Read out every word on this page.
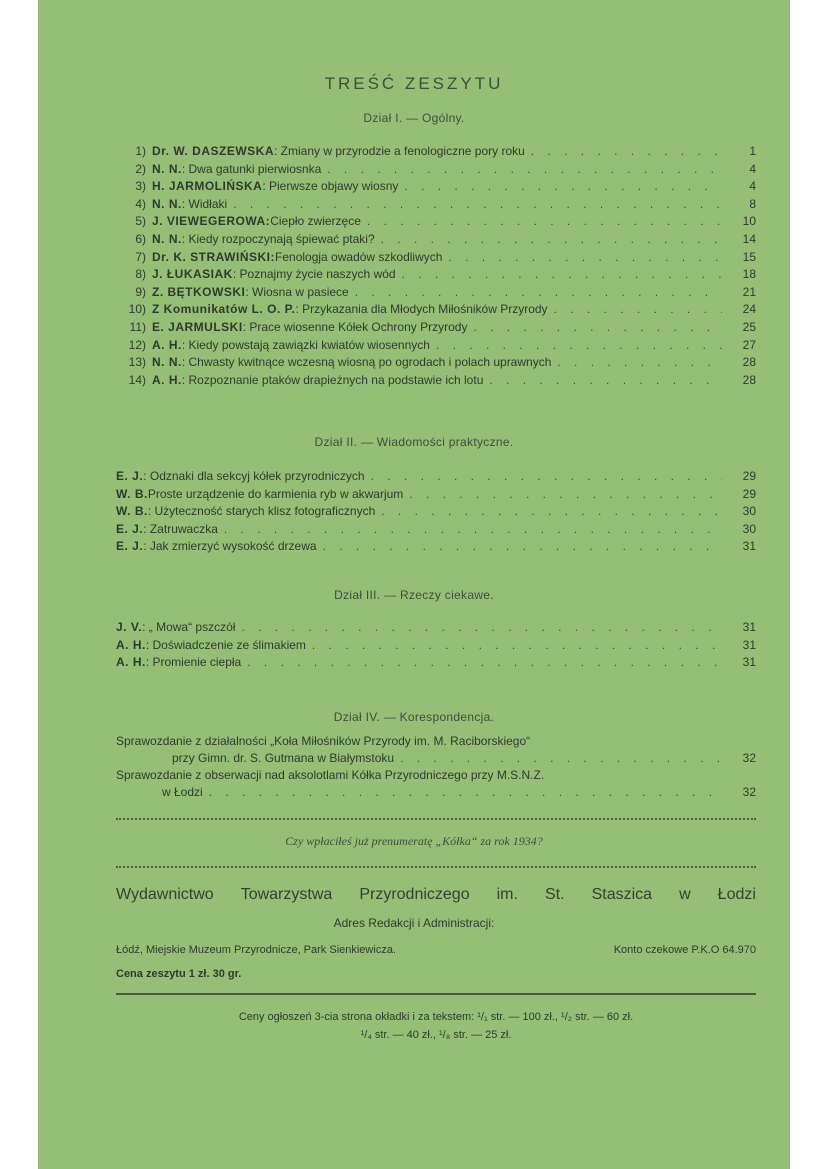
TREŚĆ ZESZYTU
Dział I. — Ogólny.
1) Dr. W. DASZEWSKA : Zmiany w przyrodzie a fenologiczne pory roku . . .	1
2) N. N. : Dwa gatunki pierwiosnka . . .	4
3) H. JARMOLIŃSKA : Pierwsze objawy wiosny . . .	4
4) N. N. : Widłaki . . .	8
5) J. VIEWEGEROWA: Ciepło zwierzęce . . .	10
6) N. N. : Kiedy rozpoczynają śpiewać ptaki? . . .	14
7) Dr. K. STRAWIŃSKI: Fenologja owadów szkodliwych . . .	15
8) J. ŁUKASIAK : Poznajmy życie naszych wód . . .	18
9) Z. BĘTKOWSKI : Wiosna w pasiece . . .	21
10) Z Komunikatów L. O. P. : Przykazania dla Młodych Miłośników Przyrody . . .	24
11) E. JARMULSKI : Prace wiosenne Kółek Ochrony Przyrody . . .	25
12) A. H. : Kiedy powstają zawiązki kwiatów wiosennych . . .	27
13) N. N. : Chwasty kwitnące wczesną wiosną po ogrodach i polach uprawnych . . .	28
14) A. H. : Rozpoznanie ptaków drapieżnych na podstawie ich lotu . . .	28
Dział II. — Wiadomości praktyczne.
E. J. : Odznaki dla sekcyj kółek przyrodniczych . . .	29
W. B. Proste urządzenie do karmienia ryb w akwarjum . . .	29
W. B. : Użyteczność starych klisz fotograficznych . . .	30
E. J. : Zatruwaczka . . .	30
E. J. : Jak zmierzyć wysokość drzewa . . .	31
Dział III. — Rzeczy ciekawe.
J. V. : „ Mowa“ pszczół . . .	31
A. H. : Doświadczenie ze ślimakiem . . .	31
A. H. : Promienie ciepła . . .	31
Dział IV. — Korespondencja.
Sprawozdanie z działalności „Koła Miłośników Przyrody im. M. Raciborskiego“
przy Gimn. dr. S. Gutmana w Białymstoku . . .	32
Sprawozdanie z obserwacji nad aksolotlami Kółka Przyrodniczego przy M.S.N.Z.
w Łodzi . . .	32
Czy wpłaciłeś już prenumeratę „Kółka“ za rok 1934?
Wydawnictwo Towarzystwa Przyrodniczego im. St. Staszica w Łodzi
Adres Redakcji i Administracji:
Łódź, Miejskie Muzeum Przyrodnicze, Park Sienkiewicza.	Konto czekowe P.K.O 64.970
Cena zeszytu 1 zł. 30 gr.
Ceny ogłoszeń 3-cia strona okładki i za tekstem: ¹/₁ str. — 100 zł., ¹/₂ str. — 60 zł.
¹/₄ str. — 40 zł., ¹/₈ str. — 25 zł.
